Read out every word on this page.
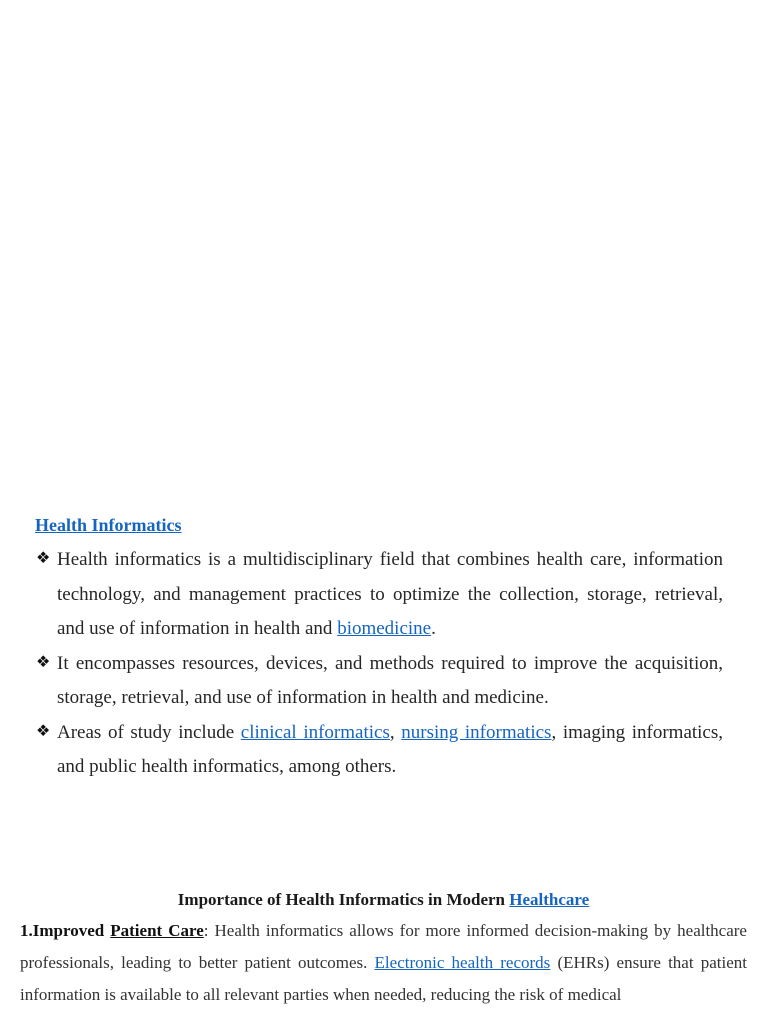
Health Informatics
❖ Health informatics is a multidisciplinary field that combines health care, information technology, and management practices to optimize the collection, storage, retrieval, and use of information in health and biomedicine.
❖ It encompasses resources, devices, and methods required to improve the acquisition, storage, retrieval, and use of information in health and medicine.
❖ Areas of study include clinical informatics, nursing informatics, imaging informatics, and public health informatics, among others.

Importance of Health Informatics in Modern Healthcare

1.Improved Patient Care: Health informatics allows for more informed decision-making by healthcare professionals, leading to better patient outcomes. Electronic health records (EHRs) ensure that patient information is available to all relevant parties when needed, reducing the risk of medical
